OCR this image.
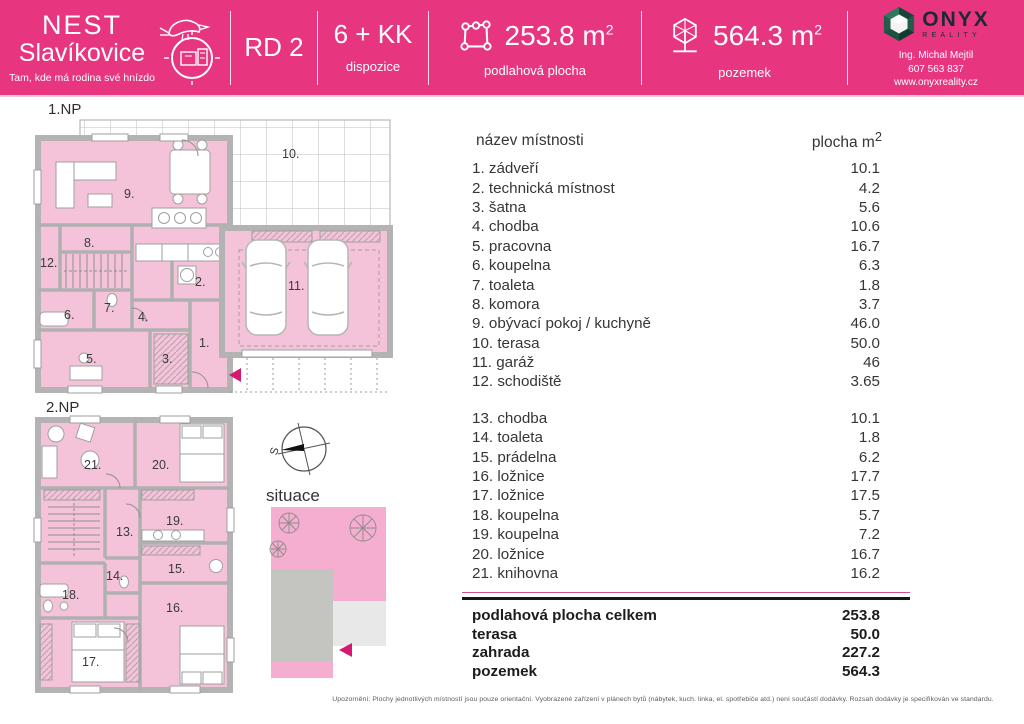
NEST
Slavíkovice
Tam, kde má rodina své hnízdo
RD 2	6 + KK
dispozice
253.8 $m^2$
podlahová plocha
564.3 $m^2$
pozemek
ONYX
REALITY
Ing. Michal Mejtil
607 563 837
www.onyxreality.cz
1.NP
1.
2.
3.
4.
5.
6. 7.
8.
9.
10.
11.
12.
2.NP
13.
14.	15.
16.
17.
18.
19.
20.
21.
S
situace
název místnosti	plocha $m^2$
1. zádveří	10.1
2. technická místnost	4.2
3. šatna	5.6
4. chodba	10.6
5. pracovna	16.7
6. koupelna	6.3
7. toaleta	1.8
8. komora	3.7
9. obývací pokoj / kuchyně	46.0
10. terasa	50.0
11. garáž	46
12. schodiště	3.65
13. chodba	10.1
14. toaleta	1.8
15. prádelna	6.2
16. ložnice	17.7
17. ložnice	17.5
18. koupelna	5.7
19. koupelna	7.2
20. ložnice	16.7
21. knihovna	16.2
podlahová plocha celkem	253.8
terasa	50.0
zahrada	227.2
pozemek	564.3
Upozornění: Plochy jednotlivých místností jsou pouze orientační. Vyobrazené zařízení v plánech bytů (nábytek, kuch. linka, el. spotřebiče atd.) není součástí dodávky. Rozsah dodávky je specifikován ve standardu.
